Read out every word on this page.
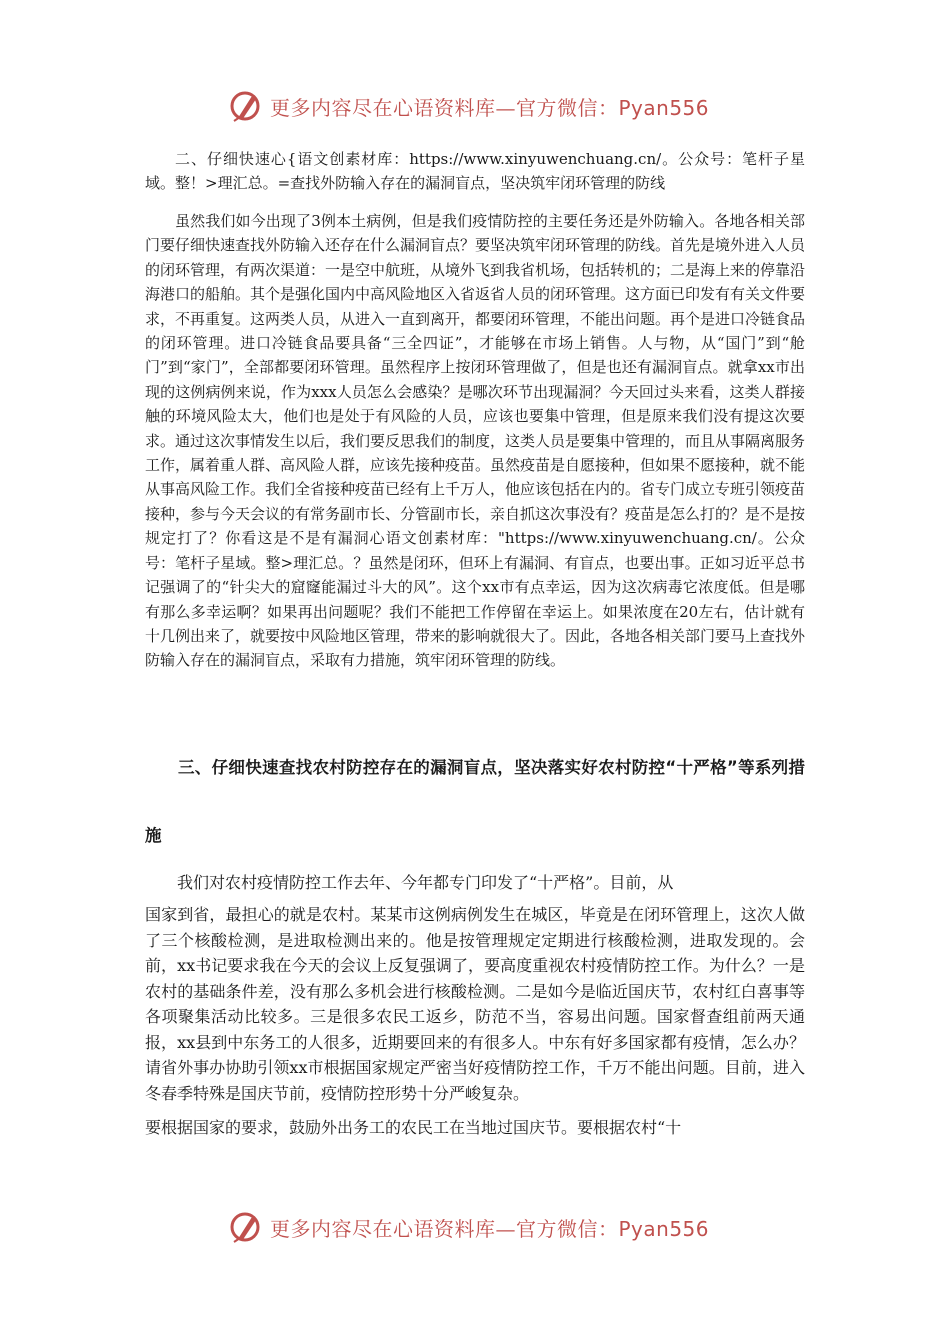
更多内容尽在心语资料库—官方微信：Pyan556

二、仔细快速心{语文创素材库：https://www.xinyuwenchuang.cn/。公众号：笔杆子星域。整！>理汇总。=查找外防输入存在的漏洞盲点，坚决筑牢闭环管理的防线

虽然我们如今出现了3例本土病例，但是我们疫情防控的主要任务还是外防输入。各地各相关部门要仔细快速查找外防输入还存在什么漏洞盲点？要坚决筑牢闭环管理的防线。首先是境外进入人员的闭环管理，有两次渠道：一是空中航班，从境外飞到我省机场，包括转机的；二是海上来的停靠沿海港口的船舶。其个是强化国内中高风险地区入省返省人员的闭环管理。这方面已印发有有关文件要求，不再重复。这两类人员，从进入一直到离开，都要闭环管理，不能出问题。再个是进口冷链食品的闭环管理。进口冷链食品要具备“三全四证”，才能够在市场上销售。人与物，从“国门”到“舱门”到“家门”，全部都要闭环管理。虽然程序上按闭环管理做了，但是也还有漏洞盲点。就拿xx市出现的这例病例来说，作为xxx人员怎么会感染？是哪次环节出现漏洞？今天回过头来看，这类人群接触的环境风险太大，他们也是处于有风险的人员，应该也要集中管理，但是原来我们没有提这次要求。通过这次事情发生以后，我们要反思我们的制度，这类人员是要集中管理的，而且从事隔离服务工作，属着重人群、高风险人群，应该先接种疫苗。虽然疫苗是自愿接种，但如果不愿接种，就不能从事高风险工作。我们全省接种疫苗已经有上千万人，他应该包括在内的。省专门成立专班引领疫苗接种，参与今天会议的有常务副市长、分管副市长，亲自抓这次事没有？疫苗是怎么打的？是不是按规定打了？你看这是不是有漏洞心语文创素材库："https://www.xinyuwenchuang.cn/。公众号：笔杆子星域。整>理汇总。？虽然是闭环，但环上有漏洞、有盲点，也要出事。正如习近平总书记强调了的“针尖大的窟窿能漏过斗大的风”。这个xx市有点幸运，因为这次病毒它浓度低。但是哪有那么多幸运啊？如果再出问题呢？我们不能把工作停留在幸运上。如果浓度在20左右，估计就有十几例出来了，就要按中风险地区管理，带来的影响就很大了。因此，各地各相关部门要马上查找外防输入存在的漏洞盲点，采取有力措施，筑牢闭环管理的防线。

三、仔细快速查找农村防控存在的漏洞盲点，坚决落实好农村防控“十严格”等系列措施

我们对农村疫情防控工作去年、今年都专门印发了“十严格”。目前，从
国家到省，最担心的就是农村。某某市这例病例发生在城区，毕竟是在闭环管理上，这次人做了三个核酸检测，是进取检测出来的。他是按管理规定定期进行核酸检测，进取发现的。会前，xx书记要求我在今天的会议上反复强调了，要高度重视农村疫情防控工作。为什么？一是农村的基础条件差，没有那么多机会进行核酸检测。二是如今是临近国庆节，农村红白喜事等各项聚集活动比较多。三是很多农民工返乡，防范不当，容易出问题。国家督查组前两天通报，xx县到中东务工的人很多，近期要回来的有很多人。中东有好多国家都有疫情，怎么办？请省外事办协助引领xx市根据国家规定严密当好疫情防控工作，千万不能出问题。目前，进入冬春季特殊是国庆节前，疫情防控形势十分严峻复杂。
要根据国家的要求，鼓励外出务工的农民工在当地过国庆节。要根据农村“十
更多内容尽在心语资料库—官方微信：Pyan556
